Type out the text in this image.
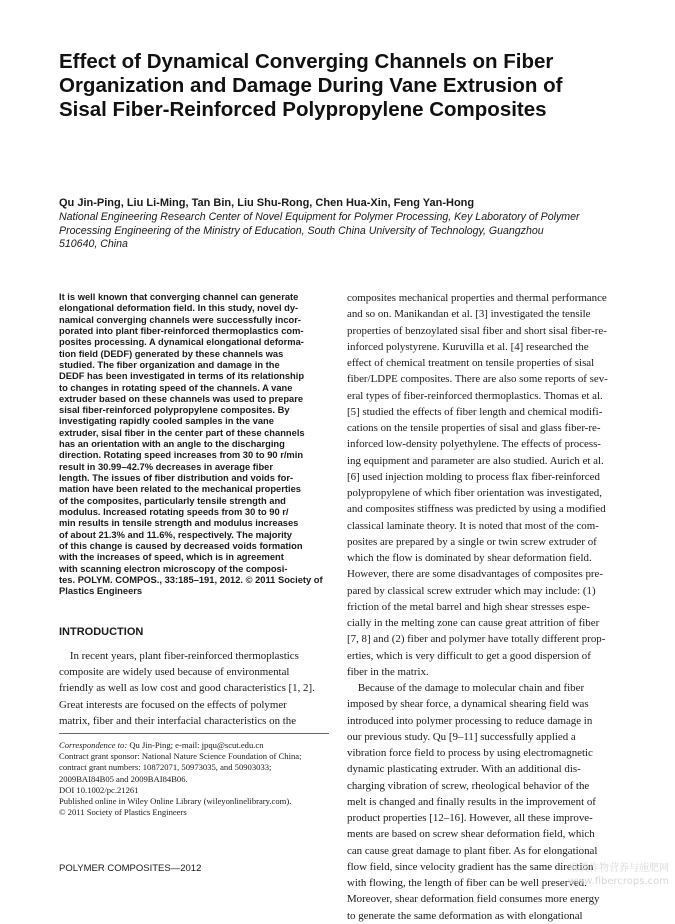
Effect of Dynamical Converging Channels on Fiber
Organization and Damage During Vane Extrusion of
Sisal Fiber-Reinforced Polypropylene Composites
Qu Jin-Ping, Liu Li-Ming, Tan Bin, Liu Shu-Rong, Chen Hua-Xin, Feng Yan-Hong
National Engineering Research Center of Novel Equipment for Polymer Processing, Key Laboratory of Polymer
Processing Engineering of the Ministry of Education, South China University of Technology, Guangzhou
510640, China
It is well known that converging channel can generate
elongational deformation field. In this study, novel dy-
namical converging channels were successfully incor-
porated into plant fiber-reinforced thermoplastics com-
posites processing. A dynamical elongational deforma-
tion field (DEDF) generated by these channels was
studied. The fiber organization and damage in the
DEDF has been investigated in terms of its relationship
to changes in rotating speed of the channels. A vane
extruder based on these channels was used to prepare
sisal fiber-reinforced polypropylene composites. By
investigating rapidly cooled samples in the vane
extruder, sisal fiber in the center part of these channels
has an orientation with an angle to the discharging
direction. Rotating speed increases from 30 to 90 r/min
result in 30.99–42.7% decreases in average fiber
length. The issues of fiber distribution and voids for-
mation have been related to the mechanical properties
of the composites, particularly tensile strength and
modulus. Increased rotating speeds from 30 to 90 r/
min results in tensile strength and modulus increases
of about 21.3% and 11.6%, respectively. The majority
of this change is caused by decreased voids formation
with the increases of speed, which is in agreement
with scanning electron microscopy of the composi-
tes. POLYM. COMPOS., 33:185–191, 2012. © 2011 Society of
Plastics Engineers
INTRODUCTION
In recent years, plant fiber-reinforced thermoplastics
composite are widely used because of environmental
friendly as well as low cost and good characteristics [1, 2].
Great interests are focused on the effects of polymer
matrix, fiber and their interfacial characteristics on the
Correspondence to: Qu Jin-Ping; e-mail: jpqu@scut.edu.cn
Contract grant sponsor: National Nature Science Foundation of China;
contract grant numbers: 10872071, 50973035, and 50903033;
2009BAI84B05 and 2009BAI84B06.
DOI 10.1002/pc.21261
Published online in Wiley Online Library (wileyonlinelibrary.com).
© 2011 Society of Plastics Engineers
composites mechanical properties and thermal performance
and so on. Manikandan et al. [3] investigated the tensile
properties of benzoylated sisal fiber and short sisal fiber-re-
inforced polystyrene. Kuruvilla et al. [4] researched the
effect of chemical treatment on tensile properties of sisal
fiber/LDPE composites. There are also some reports of sev-
eral types of fiber-reinforced thermoplastics. Thomas et al.
[5] studied the effects of fiber length and chemical modifi-
cations on the tensile properties of sisal and glass fiber-re-
inforced low-density polyethylene. The effects of process-
ing equipment and parameter are also studied. Aurich et al.
[6] used injection molding to process flax fiber-reinforced
polypropylene of which fiber orientation was investigated,
and composites stiffness was predicted by using a modified
classical laminate theory. It is noted that most of the com-
posites are prepared by a single or twin screw extruder of
which the flow is dominated by shear deformation field.
However, there are some disadvantages of composites pre-
pared by classical screw extruder which may include: (1)
friction of the metal barrel and high shear stresses espe-
cially in the melting zone can cause great attrition of fiber
[7, 8] and (2) fiber and polymer have totally different prop-
erties, which is very difficult to get a good dispersion of
fiber in the matrix.
Because of the damage to molecular chain and fiber
imposed by shear force, a dynamical shearing field was
introduced into polymer processing to reduce damage in
our previous study. Qu [9–11] successfully applied a
vibration force field to process by using electromagnetic
dynamic plasticating extruder. With an additional dis-
charging vibration of screw, rheological behavior of the
melt is changed and finally results in the improvement of
product properties [12–16]. However, all these improve-
ments are based on screw shear deformation field, which
can cause great damage to plant fiber. As for elongational
flow field, since velocity gradient has the same direction
with flowing, the length of fiber can be well preserved.
Moreover, shear deformation field consumes more energy
to generate the same deformation as with elongational
POLYMER COMPOSITES—2012	麻类作物营养与施肥网
www.fibercrops.com
